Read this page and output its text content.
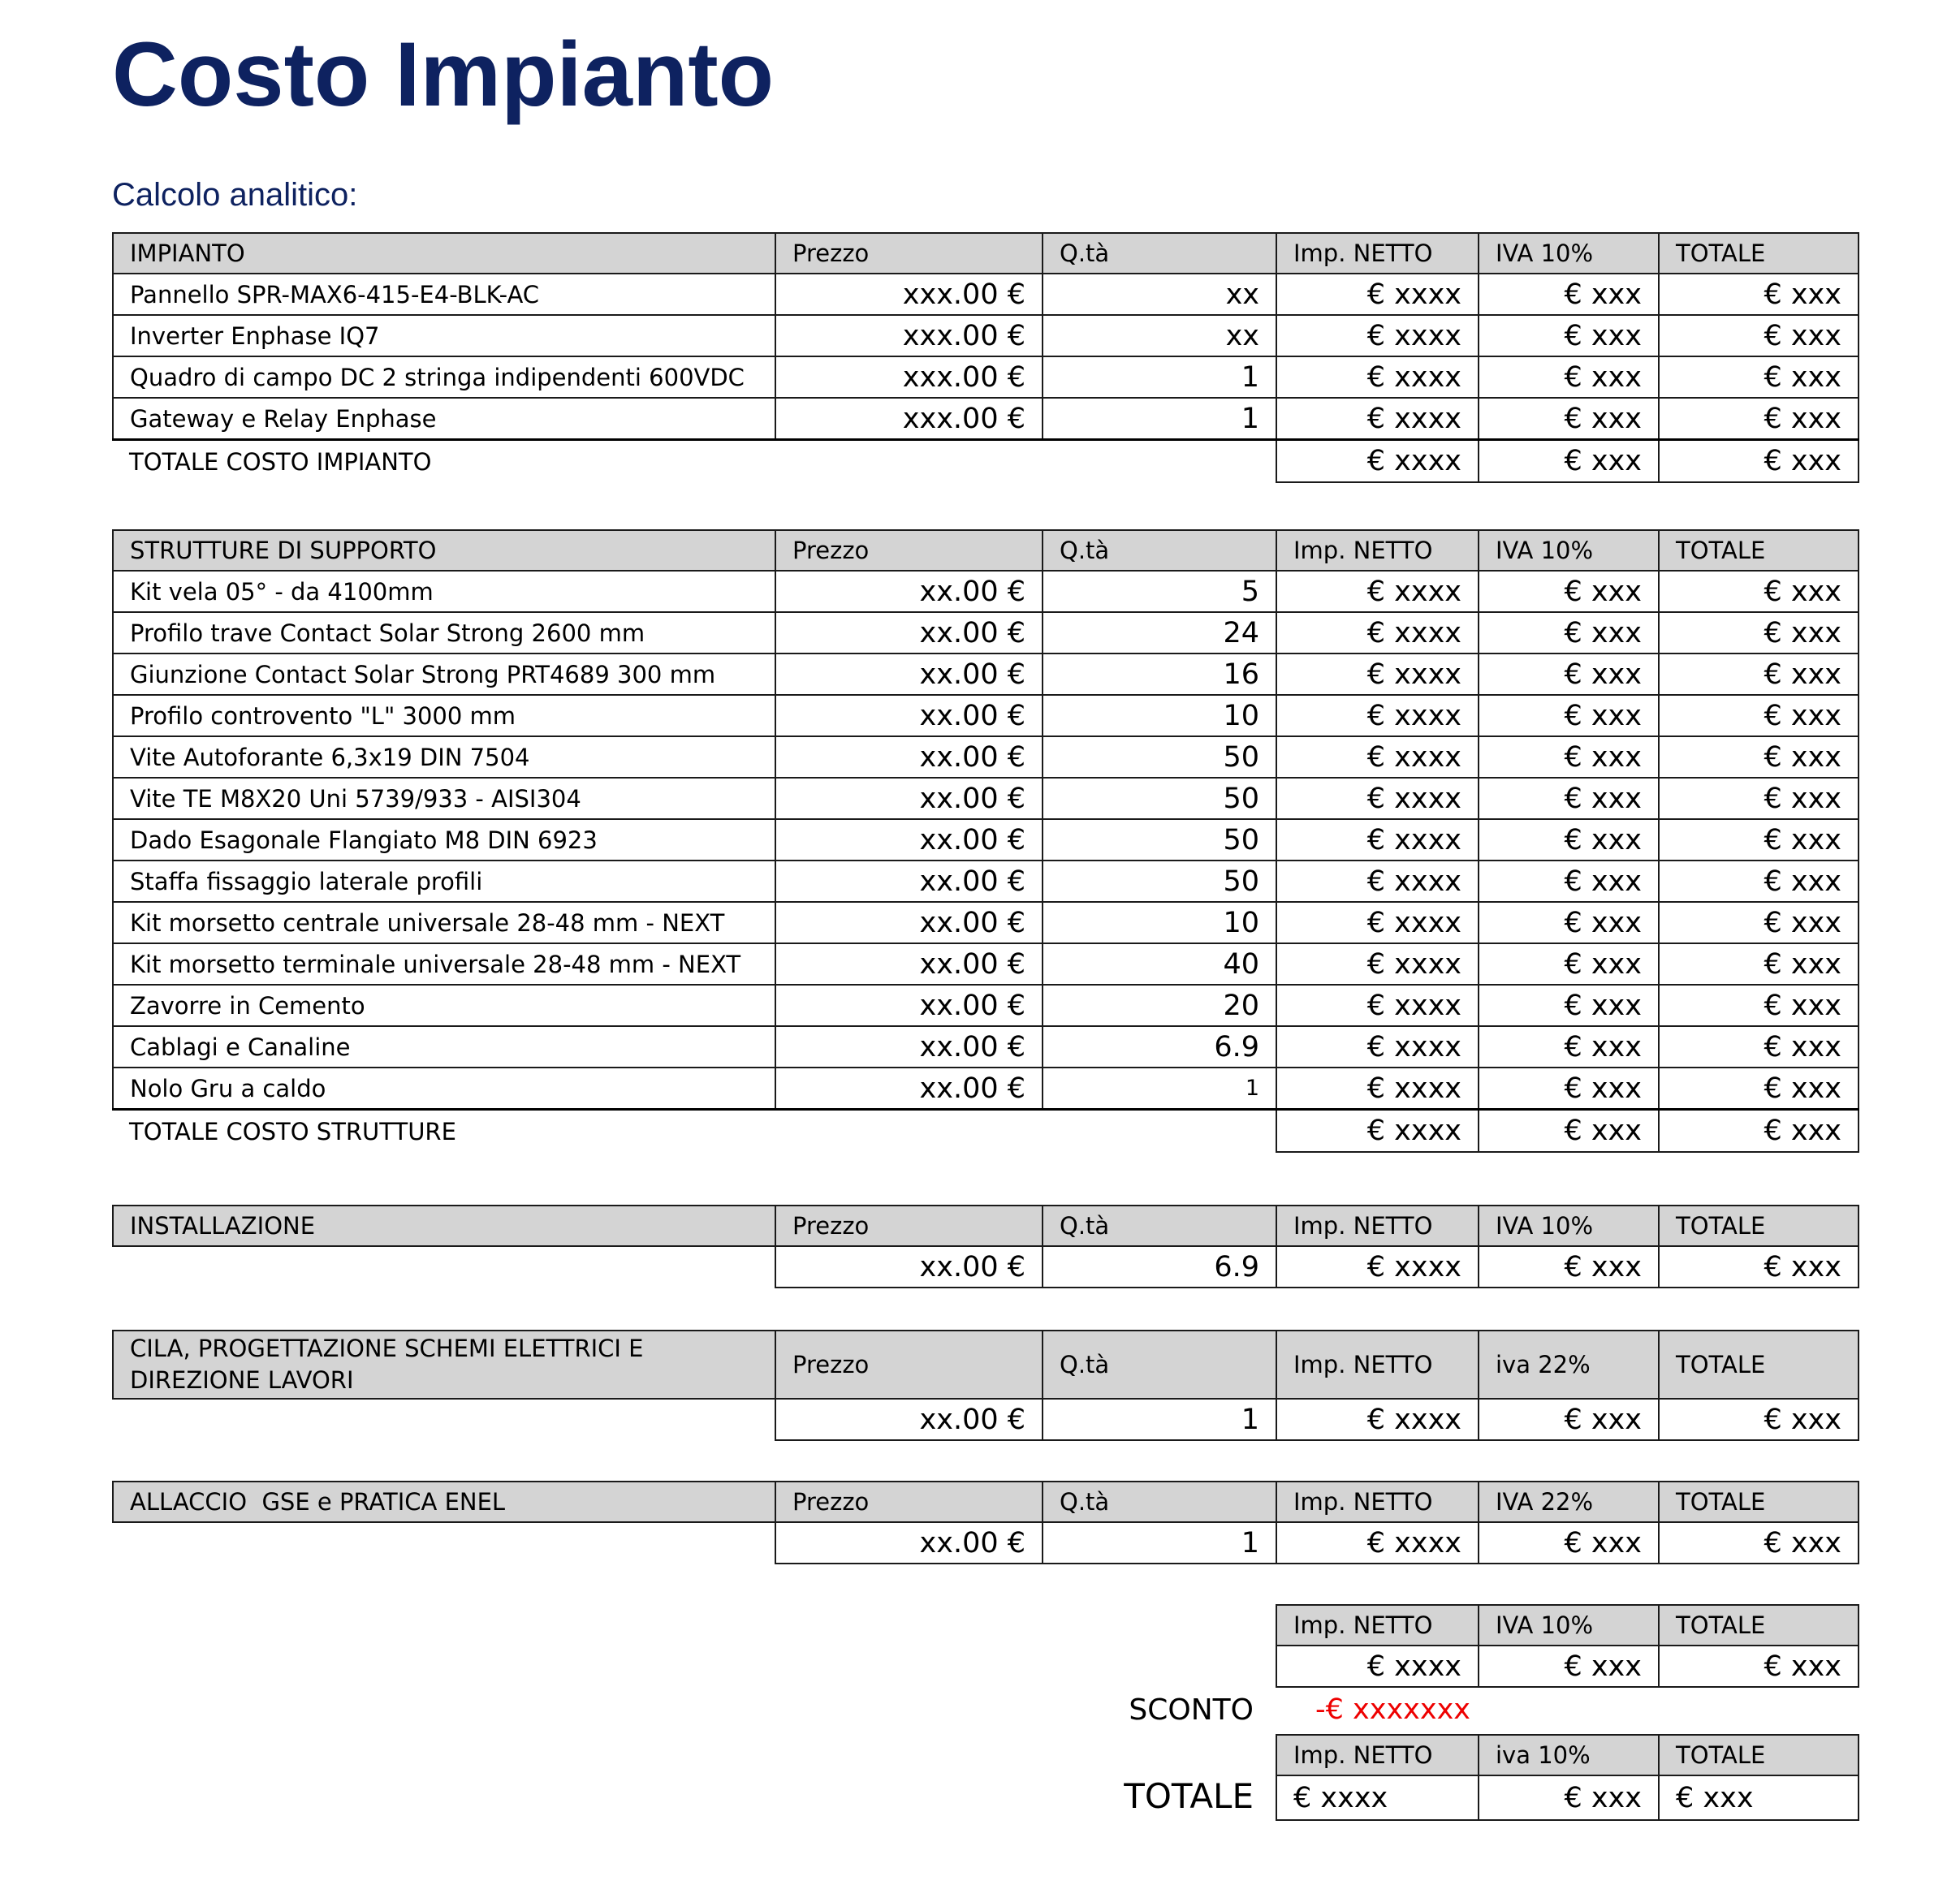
Costo Impianto
Calcolo analitico:
IMPIANTO	Prezzo	Q.tà	Imp. NETTO	IVA 10%	TOTALE
Pannello SPR-MAX6-415-E4-BLK-AC	xxx.00 €	xx	€ xxxx	€ xxx	€ xxx
Inverter Enphase IQ7	xxx.00 €	xx	€ xxxx	€ xxx	€ xxx
Quadro di campo DC 2 stringa indipendenti 600VDC	xxx.00 €	1	€ xxxx	€ xxx	€ xxx
Gateway e Relay Enphase	xxx.00 €	1	€ xxxx	€ xxx	€ xxx
TOTALE COSTO IMPIANTO			€ xxxx	€ xxx	€ xxx
STRUTTURE DI SUPPORTO	Prezzo	Q.tà	Imp. NETTO	IVA 10%	TOTALE
Kit vela 05° - da 4100mm	xx.00 €	5	€ xxxx	€ xxx	€ xxx
Profilo trave Contact Solar Strong 2600 mm	xx.00 €	24	€ xxxx	€ xxx	€ xxx
Giunzione Contact Solar Strong PRT4689 300 mm	xx.00 €	16	€ xxxx	€ xxx	€ xxx
Profilo controvento "L" 3000 mm	xx.00 €	10	€ xxxx	€ xxx	€ xxx
Vite Autoforante 6,3x19 DIN 7504	xx.00 €	50	€ xxxx	€ xxx	€ xxx
Vite TE M8X20 Uni 5739/933 - AISI304	xx.00 €	50	€ xxxx	€ xxx	€ xxx
Dado Esagonale Flangiato M8 DIN 6923	xx.00 €	50	€ xxxx	€ xxx	€ xxx
Staffa fissaggio laterale profili	xx.00 €	50	€ xxxx	€ xxx	€ xxx
Kit morsetto centrale universale 28-48 mm - NEXT	xx.00 €	10	€ xxxx	€ xxx	€ xxx
Kit morsetto terminale universale 28-48 mm - NEXT	xx.00 €	40	€ xxxx	€ xxx	€ xxx
Zavorre in Cemento	xx.00 €	20	€ xxxx	€ xxx	€ xxx
Cablagi e Canaline	xx.00 €	6.9	€ xxxx	€ xxx	€ xxx
Nolo Gru a caldo	xx.00 €	1	€ xxxx	€ xxx	€ xxx
TOTALE COSTO STRUTTURE			€ xxxx	€ xxx	€ xxx
INSTALLAZIONE	Prezzo	Q.tà	Imp. NETTO	IVA 10%	TOTALE
	xx.00 €	6.9	€ xxxx	€ xxx	€ xxx
CILA, PROGETTAZIONE SCHEMI ELETTRICI E DIREZIONE LAVORI	Prezzo	Q.tà	Imp. NETTO	iva 22%	TOTALE
	xx.00 €	1	€ xxxx	€ xxx	€ xxx
ALLACCIO  GSE e PRATICA ENEL	Prezzo	Q.tà	Imp. NETTO	IVA 22%	TOTALE
	xx.00 €	1	€ xxxx	€ xxx	€ xxx
Imp. NETTO	IVA 10%	TOTALE
€ xxxx	€ xxx	€ xxx
SCONTO -€ xxxxxxx
Imp. NETTO	iva 10%	TOTALE
€ xxxx	€ xxx	€ xxx
TOTALE
